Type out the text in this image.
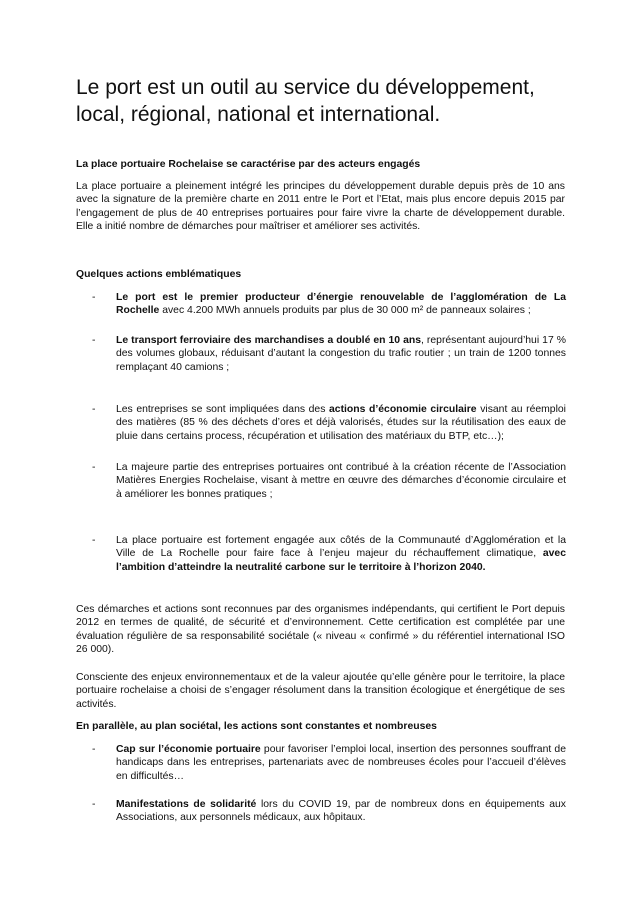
Le port est un outil au service du développement, local, régional, national et international.
La place portuaire Rochelaise se caractérise par des acteurs engagés

La place portuaire a pleinement intégré les principes du développement durable depuis près de 10 ans avec la signature de la première charte en 2011 entre le Port et l’Etat, mais plus encore depuis 2015 par l’engagement de plus de 40 entreprises portuaires pour faire vivre la charte de développement durable. Elle a initié nombre de démarches pour maîtriser et améliorer ses activités.

Quelques actions emblématiques
-	Le port est le premier producteur d’énergie renouvelable de l’agglomération de La Rochelle avec 4.200 MWh annuels produits par plus de 30 000 m² de panneaux solaires ;

-	Le transport ferroviaire des marchandises a doublé en 10 ans, représentant aujourd’hui 17 % des volumes globaux, réduisant d’autant la congestion du trafic routier ; un train de 1200 tonnes remplaçant 40 camions ;

-	Les entreprises se sont impliquées dans des actions d’économie circulaire visant au réemploi des matières (85 % des déchets d’ores et déjà valorisés, études sur la réutilisation des eaux de pluie dans certains process, récupération et utilisation des matériaux du BTP, etc…);

-	La majeure partie des entreprises portuaires ont contribué à la création récente de l’Association Matières Energies Rochelaise, visant à mettre en œuvre des démarches d’économie circulaire et à améliorer les bonnes pratiques ;

-	La place portuaire est fortement engagée aux côtés de la Communauté d’Agglomération et la Ville de La Rochelle pour faire face à l’enjeu majeur du réchauffement climatique, avec l’ambition d’atteindre la neutralité carbone sur le territoire à l’horizon 2040.

Ces démarches et actions sont reconnues par des organismes indépendants, qui certifient le Port depuis 2012 en termes de qualité, de sécurité et d’environnement. Cette certification est complétée par une évaluation régulière de sa responsabilité sociétale (« niveau « confirmé » du référentiel international ISO 26 000).

Consciente des enjeux environnementaux et de la valeur ajoutée qu’elle génère pour le territoire, la place portuaire rochelaise a choisi de s’engager résolument dans la transition écologique et énergétique de ses activités.

En parallèle, au plan sociétal, les actions sont constantes et nombreuses
-	Cap sur l’économie portuaire pour favoriser l’emploi local, insertion des personnes souffrant de handicaps dans les entreprises, partenariats avec de nombreuses écoles pour l’accueil d’élèves en difficultés…

-	Manifestations de solidarité lors du COVID 19, par de nombreux dons en équipements aux Associations, aux personnels médicaux, aux hôpitaux.
